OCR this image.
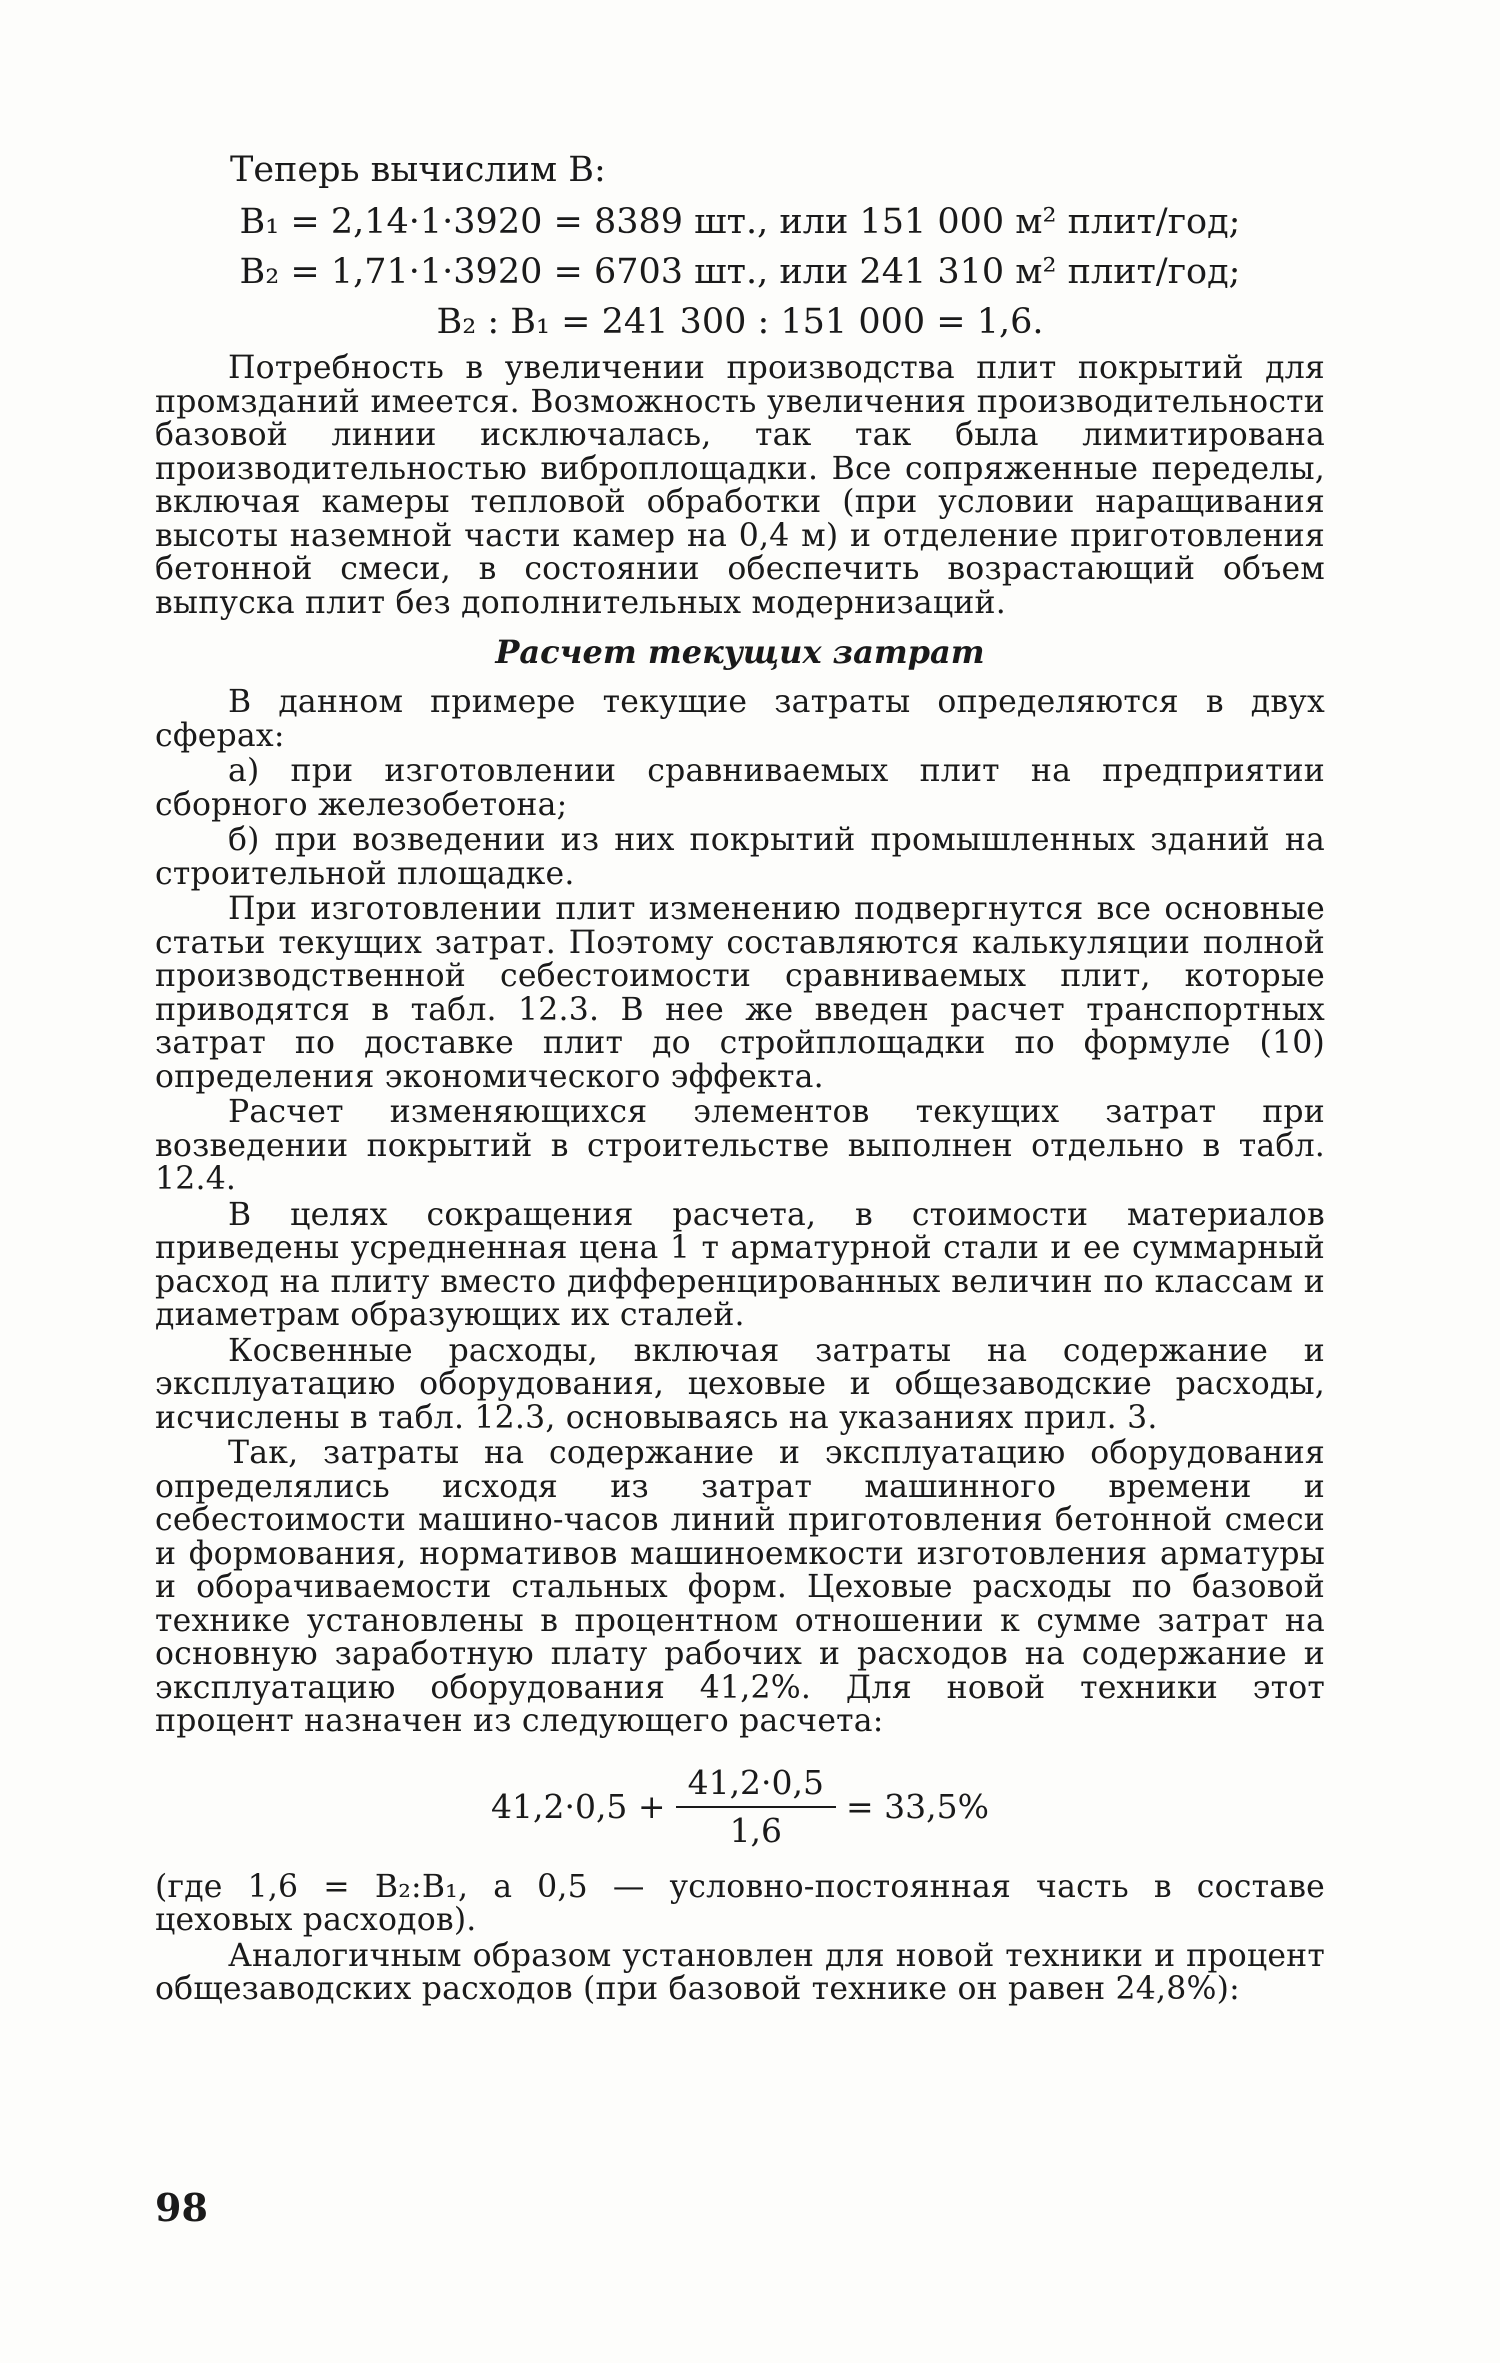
Теперь вычислим В:

В₁ = 2,14·1·3920 = 8389 шт., или 151 000 м² плит/год;

В₂ = 1,71·1·3920 = 6703 шт., или 241 310 м² плит/год;

В₂ : В₁ = 241 300 : 151 000 = 1,6.

Потребность в увеличении производства плит покрытий для промзданий имеется. Возможность увеличения производительности базовой линии исключалась, так так была лимитирована производительностью виброплощадки. Все сопряженные переделы, включая камеры тепловой обработки (при условии наращивания высоты наземной части камер на 0,4 м) и отделение приготовления бетонной смеси, в состоянии обеспечить возрастающий объем выпуска плит без дополнительных модернизаций.

Расчет текущих затрат

В данном примере текущие затраты определяются в двух сферах:

а) при изготовлении сравниваемых плит на предприятии сборного железобетона;

б) при возведении из них покрытий промышленных зданий на строительной площадке.

При изготовлении плит изменению подвергнутся все основные статьи текущих затрат. Поэтому составляются калькуляции полной производственной себестоимости сравниваемых плит, которые приводятся в табл. 12.3. В нее же введен расчет транспортных затрат по доставке плит до стройплощадки по формуле (10) определения экономического эффекта.

Расчет изменяющихся элементов текущих затрат при возведении покрытий в строительстве выполнен отдельно в табл. 12.4.

В целях сокращения расчета, в стоимости материалов приведены усредненная цена 1 т арматурной стали и ее суммарный расход на плиту вместо дифференцированных величин по классам и диаметрам образующих их сталей.

Косвенные расходы, включая затраты на содержание и эксплуатацию оборудования, цеховые и общезаводские расходы, исчислены в табл. 12.3, основываясь на указаниях прил. 3.

Так, затраты на содержание и эксплуатацию оборудования определялись исходя из затрат машинного времени и себестоимости машино-часов линий приготовления бетонной смеси и формования, нормативов машиноемкости изготовления арматуры и оборачиваемости стальных форм. Цеховые расходы по базовой технике установлены в процентном отношении к сумме затрат на основную заработную плату рабочих и расходов на содержание и эксплуатацию оборудования 41,2%. Для новой техники этот процент назначен из следующего расчета:

$41,2\cdot 0,5 + \frac{41,2\cdot 0,5}{1,6} = 33,5\%$

(где 1,6 = В₂:В₁, а 0,5 — условно-постоянная часть в составе цеховых расходов).

Аналогичным образом установлен для новой техники и процент общезаводских расходов (при базовой технике он равен 24,8%):

98
